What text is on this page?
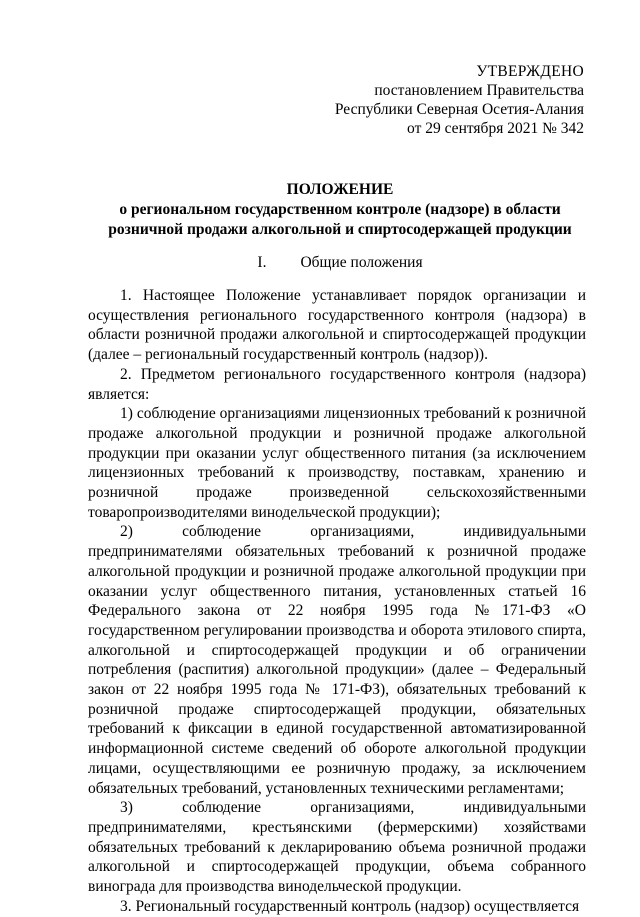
УТВЕРЖДЕНО
постановлением Правительства
Республики Северная Осетия-Алания
от 29 сентября 2021 № 342
ПОЛОЖЕНИЕ
о региональном государственном контроле (надзоре) в области
розничной продажи алкогольной и спиртосодержащей продукции
I. Общие положения

1. Настоящее Положение устанавливает порядок организации и осуществления регионального государственного контроля (надзора) в области розничной продажи алкогольной и спиртосодержащей продукции (далее – региональный государственный контроль (надзор)).

2. Предметом регионального государственного контроля (надзора) является:

1) соблюдение организациями лицензионных требований к розничной продаже алкогольной продукции и розничной продаже алкогольной продукции при оказании услуг общественного питания (за исключением лицензионных требований к производству, поставкам, хранению и розничной продаже произведенной сельскохозяйственными товаропроизводителями винодельческой продукции);

2) соблюдение организациями, индивидуальными предпринимателями обязательных требований к розничной продаже алкогольной продукции и розничной продаже алкогольной продукции при оказании услуг общественного питания, установленных статьей 16 Федерального закона от 22 ноября 1995 года №171-ФЗ «О государственном регулировании производства и оборота этилового спирта, алкогольной и спиртосодержащей продукции и об ограничении потребления (распития) алкогольной продукции» (далее – Федеральный закон от 22 ноября 1995 года № 171-ФЗ), обязательных требований к розничной продаже спиртосодержащей продукции, обязательных требований к фиксации в единой государственной автоматизированной информационной системе сведений об обороте алкогольной продукции лицами, осуществляющими ее розничную продажу, за исключением обязательных требований, установленных техническими регламентами;

3) соблюдение организациями, индивидуальными предпринимателями, крестьянскими (фермерскими) хозяйствами обязательных требований к декларированию объема розничной продажи алкогольной и спиртосодержащей продукции, объема собранного винограда для производства винодельческой продукции.

3. Региональный государственный контроль (надзор) осуществляется
